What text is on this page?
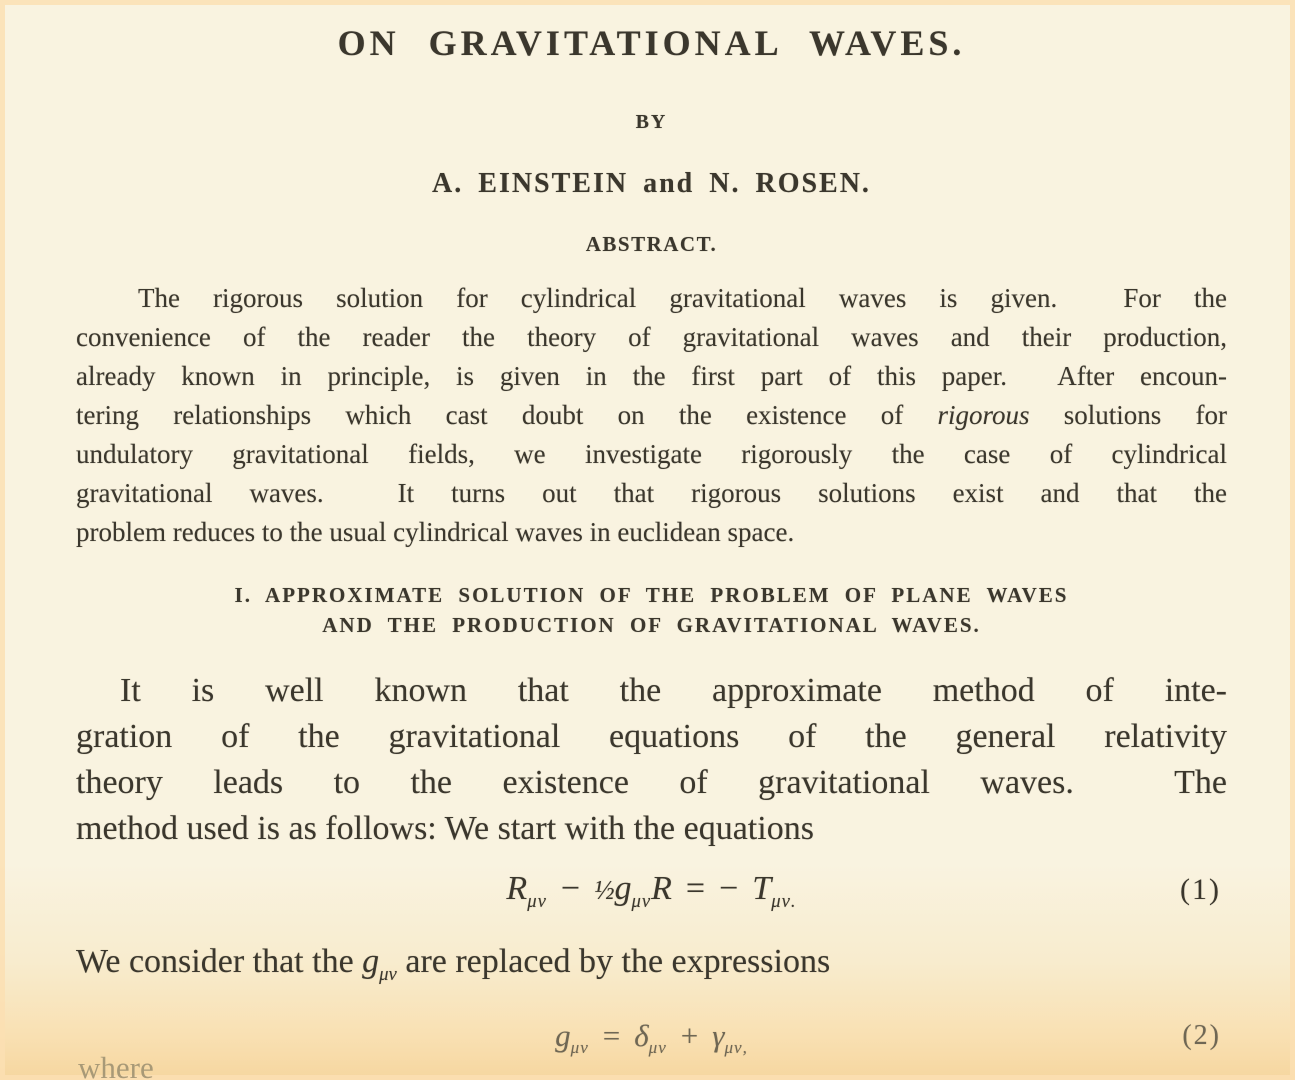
ON GRAVITATIONAL WAVES.
BY
A. EINSTEIN and N. ROSEN.
ABSTRACT.
The rigorous solution for cylindrical gravitational waves is given.  For the
convenience of the reader the theory of gravitational waves and their production,
already known in principle, is given in the first part of this paper.  After encoun-
tering relationships which cast doubt on the existence of rigorous solutions for
undulatory gravitational fields, we investigate rigorously the case of cylindrical
gravitational waves.  It turns out that rigorous solutions exist and that the
problem reduces to the usual cylindrical waves in euclidean space.
I. APPROXIMATE SOLUTION OF THE PROBLEM OF PLANE WAVES
AND THE PRODUCTION OF GRAVITATIONAL WAVES.
It is well known that the approximate method of inte-
gration of the gravitational equations of the general relativity
theory leads to the existence of gravitational waves.  The
method used is as follows: We start with the equations
$R_{\mu\nu}$ − $\frac{1}{2}g_{\mu\nu}R$ = − $T_{\mu\nu.}$	(1)
We consider that the $g_{\mu\nu}$ are replaced by the expressions
$g_{\mu\nu} = \delta_{\mu\nu} + \gamma_{\mu\nu,}$	(2)
where
